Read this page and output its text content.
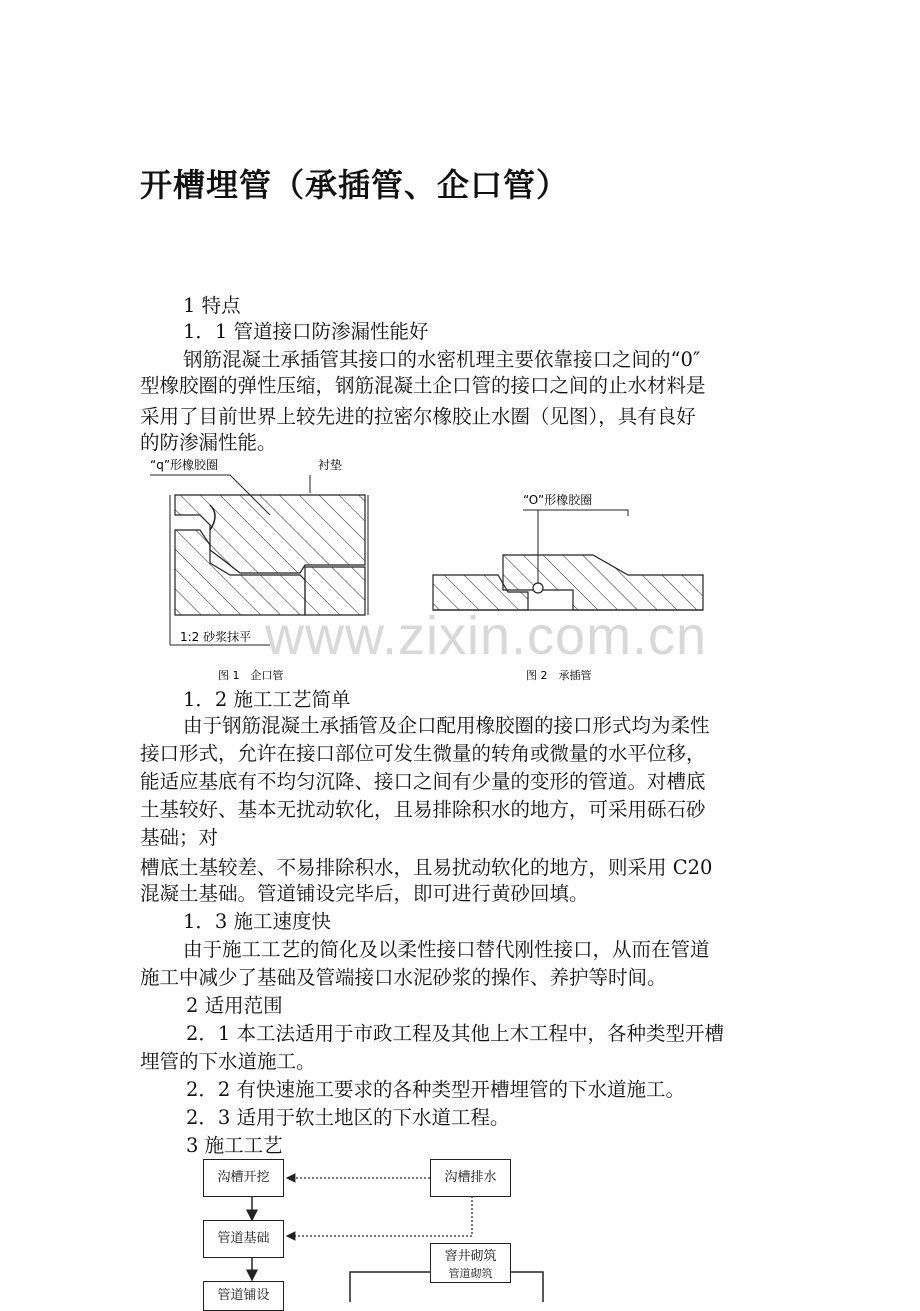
开槽埋管（承插管、企口管）
1 特点
1．1 管道接口防渗漏性能好
钢筋混凝土承插管其接口的水密机理主要依靠接口之间的“0″
型橡胶圈的弹性压缩，钢筋混凝土企口管的接口之间的止水材料是
采用了目前世界上较先进的拉密尔橡胶止水圈（见图），具有良好
的防渗漏性能。
“q”形橡胶圈	衬垫
1:2 砂浆抹平
图 1　企口管
“O”形橡胶圈
图 2　承插管
www.zixin.com.cn
1．2 施工工艺简单
由于钢筋混凝土承插管及企口配用橡胶圈的接口形式均为柔性
接口形式，允许在接口部位可发生微量的转角或微量的水平位移，
能适应基底有不均匀沉降、接口之间有少量的变形的管道。对槽底
土基较好、基本无扰动软化，且易排除积水的地方，可采用砾石砂
基础；对
槽底土基较差、不易排除积水，且易扰动软化的地方，则采用 C20
混凝土基础。管道铺设完毕后，即可进行黄砂回填。
1．3 施工速度快
由于施工工艺的简化及以柔性接口替代刚性接口，从而在管道
施工中减少了基础及管端接口水泥砂浆的操作、养护等时间。
2 适用范围
2．1 本工法适用于市政工程及其他上木工程中，各种类型开槽
埋管的下水道施工。
2．2 有快速施工要求的各种类型开槽埋管的下水道施工。
2．3 适用于软土地区的下水道工程。
3 施工工艺
沟槽开挖	沟槽排水
管道基础
窨井砌筑
管道砌筑
管道铺设
